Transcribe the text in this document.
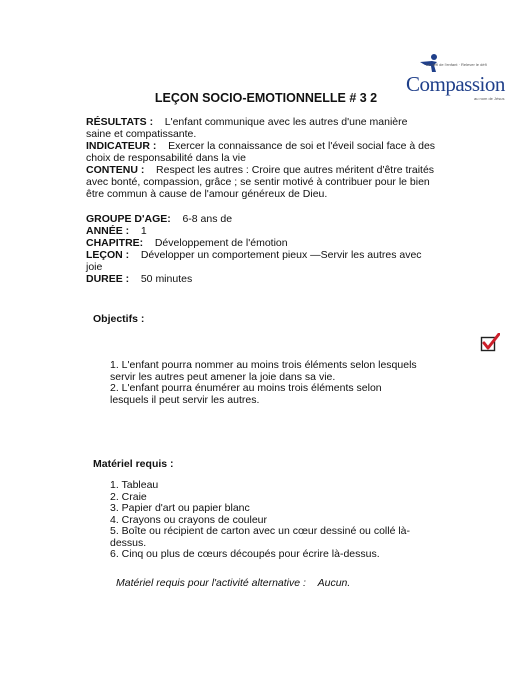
Le défi de l'enfant · Relever le défi
Compassion
au nom de Jésus
LEÇON SOCIO-EMOTIONNELLE # 3 2
RÉSULTATS : L'enfant communique avec les autres d'une manière
saine et compatissante.
INDICATEUR : Exercer la connaissance de soi et l'éveil social face à des
choix de responsabilité dans la vie
CONTENU : Respect les autres : Croire que autres méritent d'être traités
avec bonté, compassion, grâce ; se sentir motivé à contribuer pour le bien
être commun à cause de l'amour généreux de Dieu.
GROUPE D'AGE: 6-8 ans de
ANNÉE : 1
CHAPITRE: Développement de l'émotion
LEÇON : Développer un comportement pieux —Servir les autres avec
joie
DUREE : 50 minutes
Objectifs :
1. L'enfant pourra nommer au moins trois éléments selon lesquels
servir les autres peut amener la joie dans sa vie.
2. L'enfant pourra énumérer au moins trois éléments selon
lesquels il peut servir les autres.
Matériel requis :
1. Tableau
2. Craie
3. Papier d'art ou papier blanc
4. Crayons ou crayons de couleur
5. Boîte ou récipient de carton avec un cœur dessiné ou collé là-
dessus.
6. Cinq ou plus de cœurs découpés pour écrire là-dessus.
Matériel requis pour l'activité alternative : Aucun.
